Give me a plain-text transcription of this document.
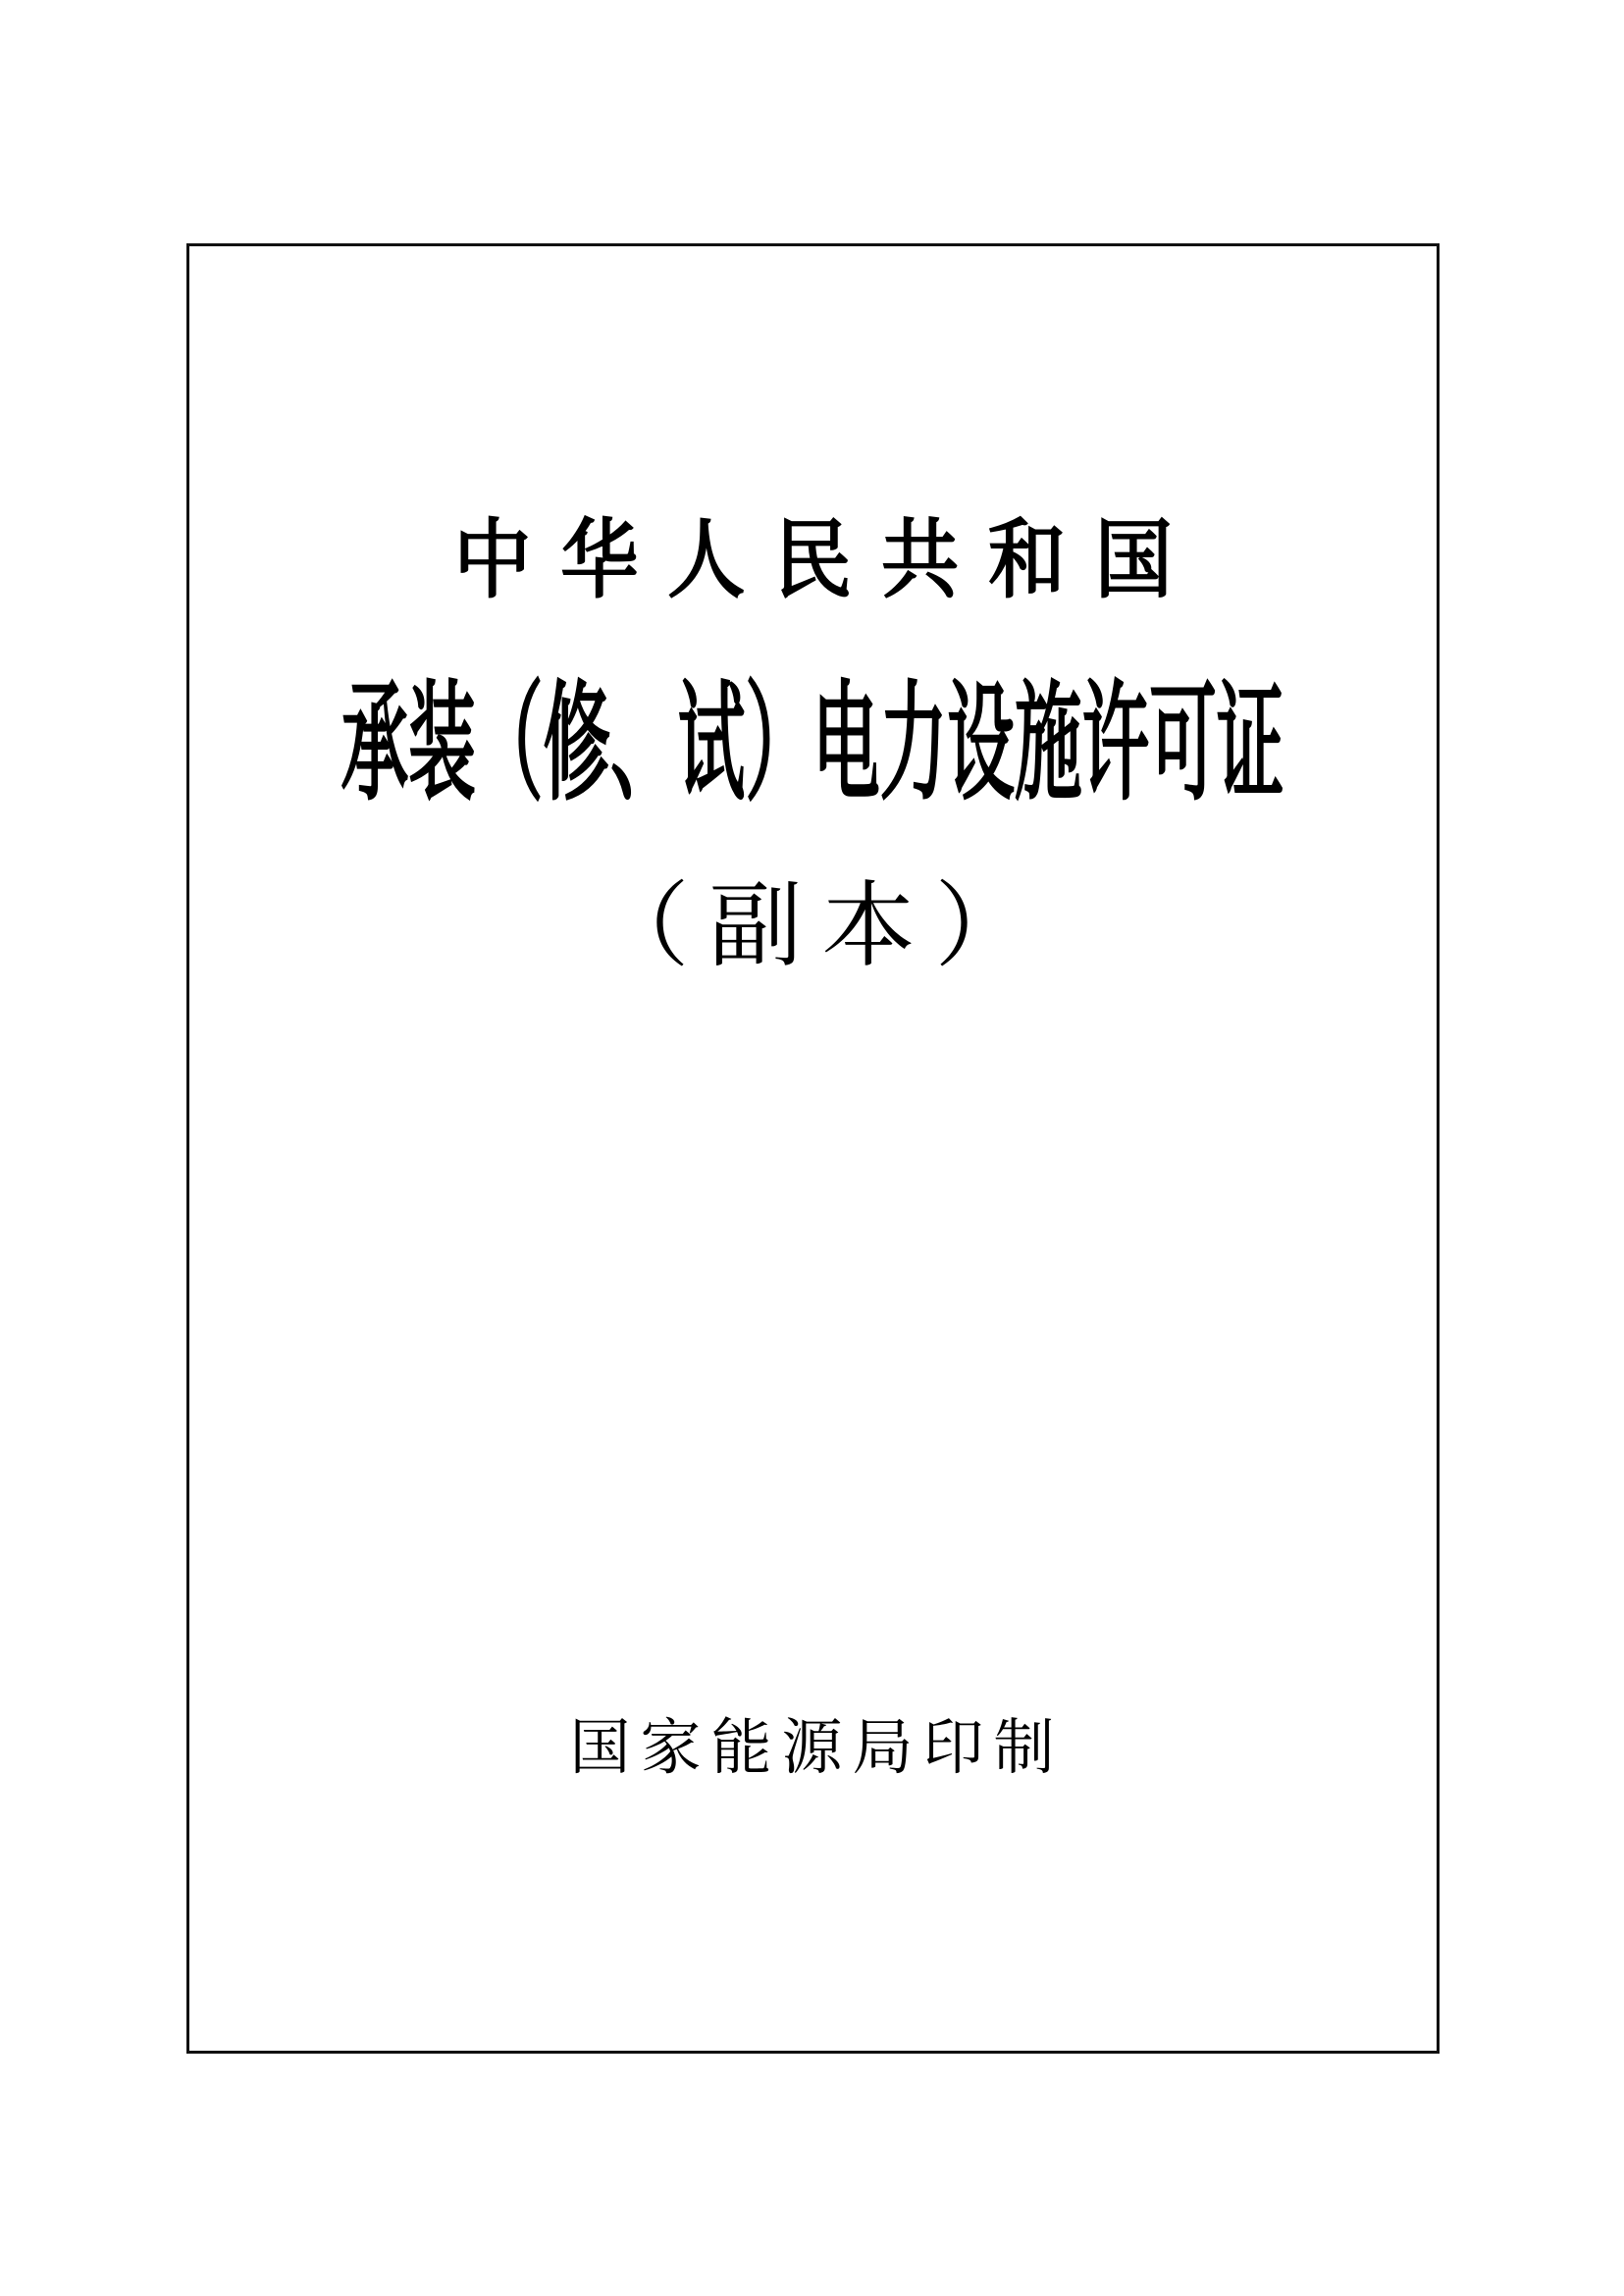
中华人民共和国
承装（修、试）电力设施许可证
（副本）
国家能源局印制
